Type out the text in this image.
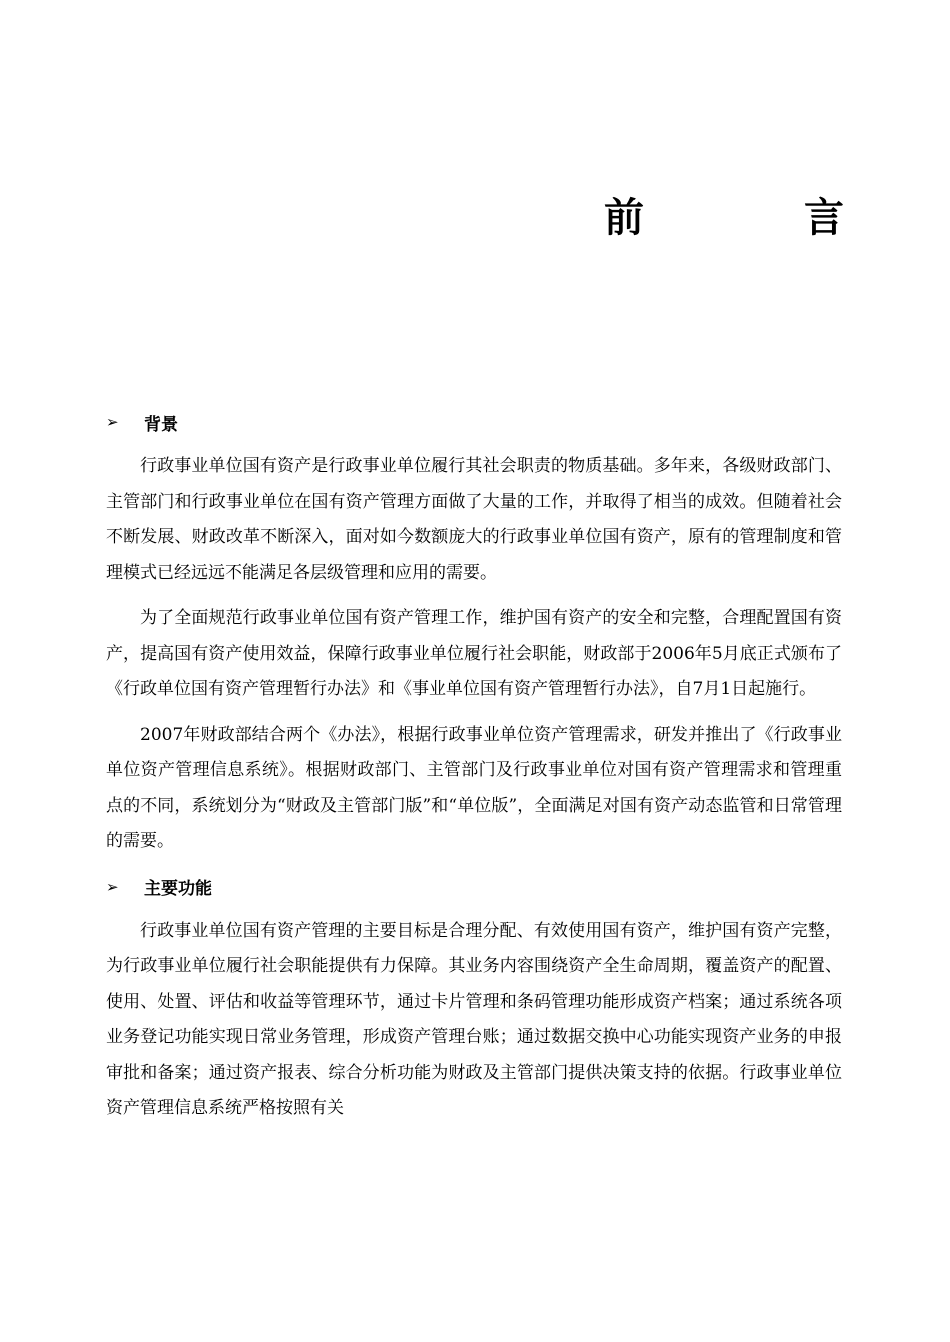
前　言
➢	背景

行政事业单位国有资产是行政事业单位履行其社会职责的物质基础。多年来，各级财政部门、主管部门和行政事业单位在国有资产管理方面做了大量的工作，并取得了相当的成效。但随着社会不断发展、财政改革不断深入，面对如今数额庞大的行政事业单位国有资产，原有的管理制度和管理模式已经远远不能满足各层级管理和应用的需要。

为了全面规范行政事业单位国有资产管理工作，维护国有资产的安全和完整，合理配置国有资产，提高国有资产使用效益，保障行政事业单位履行社会职能，财政部于2006年5月底正式颁布了《行政单位国有资产管理暂行办法》和《事业单位国有资产管理暂行办法》，自7月1日起施行。

2007年财政部结合两个《办法》，根据行政事业单位资产管理需求，研发并推出了《行政事业单位资产管理信息系统》。根据财政部门、主管部门及行政事业单位对国有资产管理需求和管理重点的不同，系统划分为“财政及主管部门版”和“单位版”，全面满足对国有资产动态监管和日常管理的需要。

➢	主要功能

行政事业单位国有资产管理的主要目标是合理分配、有效使用国有资产，维护国有资产完整，为行政事业单位履行社会职能提供有力保障。其业务内容围绕资产全生命周期，覆盖资产的配置、使用、处置、评估和收益等管理环节，通过卡片管理和条码管理功能形成资产档案；通过系统各项业务登记功能实现日常业务管理，形成资产管理台账；通过数据交换中心功能实现资产业务的申报审批和备案；通过资产报表、综合分析功能为财政及主管部门提供决策支持的依据。行政事业单位资产管理信息系统严格按照有关
